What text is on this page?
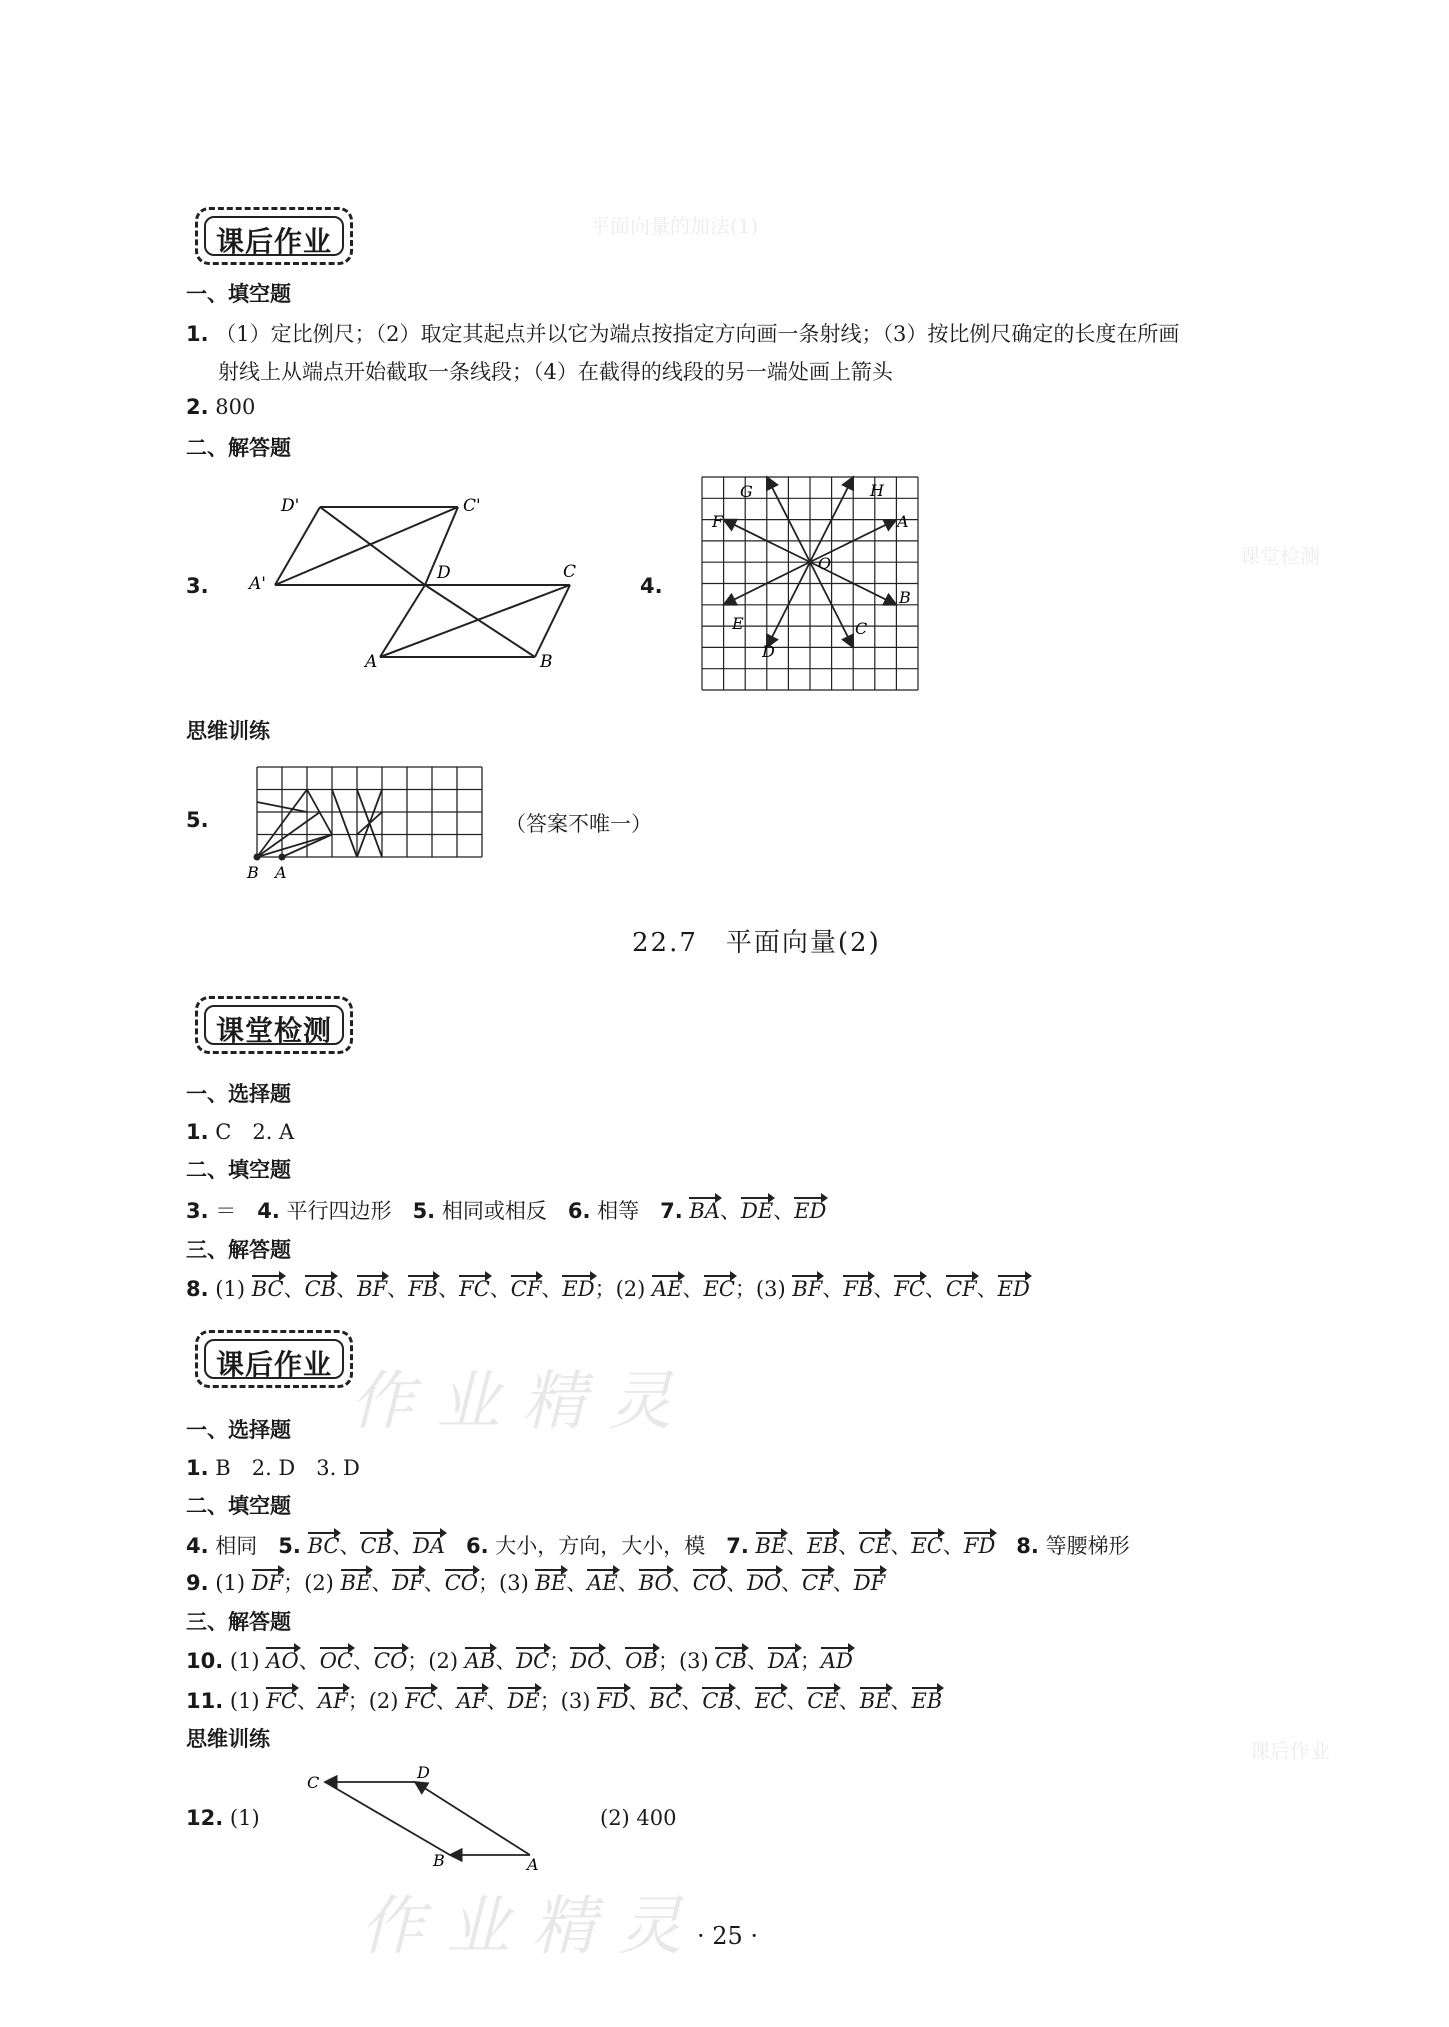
平面向量的加法(1)
课堂检测
课后作业
课后作业
一、填空题
1. （1）定比例尺；（2）取定其起点并以它为端点按指定方向画一条射线；（3）按比例尺确定的长度在所画
射线上从端点开始截取一条线段；（4）在截得的线段的另一端处画上箭头
2. 800
二、解答题
3.
D'	C'
A'
D	C
A	B
4.
G	H
F	A
O
B
C
E
D
思维训练
5.
B A
（答案不唯一）
22.7　平面向量(2)
课堂检测
一、选择题
1. C　2. A
二、填空题
3. ＝　4. 平行四边形　5. 相同或相反　6. 相等　7. BA、DE、ED
三、解答题
8. (1) BC、CB、BF、FB、FC、CF、ED；(2) AE、EC；(3) BF、FB、FC、CF、ED
课后作业
作业精灵
一、选择题
1. B　2. D　3. D
二、填空题
4. 相同　5. BC、CB、DA　 6. 大小，方向，大小，模　7. BE、EB、CE、EC、FD　 8. 等腰梯形
9. (1) DF；(2) BE、DF、CO；(3) BE、AE、BO、CO、DO、CF、DF
三、解答题
10. (1) AO、OC、CO；(2) AB、DC；DO、OB；(3) CB、DA；AD
11. (1) FC、AF；(2) FC、AF、DE；(3) FD、BC、CB、EC、CE、BE、EB
思维训练
12. (1)
C
D
B	A
(2) 400
作业精灵
· 25 ·
